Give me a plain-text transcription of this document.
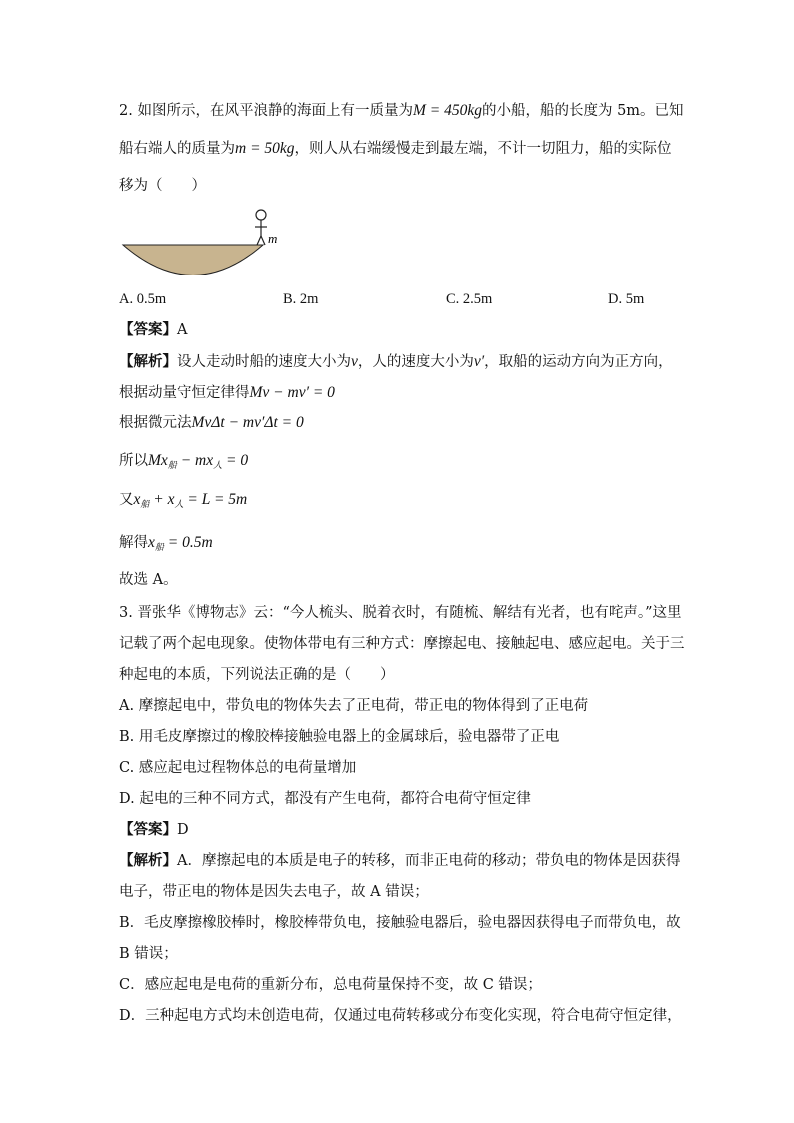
2. 如图所示，在风平浪静的海面上有一质量为M = 450kg的小船，船的长度为 5m。已知
船右端人的质量为m = 50kg，则人从右端缓慢走到最左端，不计一切阻力，船的实际位
移为（　　）
m
A. 0.5m	B. 2m	C. 2.5m	D. 5m
【答案】A
【解析】设人走动时船的速度大小为v，人的速度大小为v′，取船的运动方向为正方向，
根据动量守恒定律得Mv − mv′ = 0
根据微元法MvΔt − mv′Δt = 0
所以$Mx_船 - mx_人 = 0$
又$x_船 + x_人 = L = 5m$
解得$x_船 = 0.5m$
故选 A。
3. 晋张华《博物志》云：“今人梳头、脱着衣时，有随梳、解结有光者，也有咤声。”这里
记载了两个起电现象。使物体带电有三种方式：摩擦起电、接触起电、感应起电。关于三
种起电的本质，下列说法正确的是（　　）
A. 摩擦起电中，带负电的物体失去了正电荷，带正电的物体得到了正电荷
B. 用毛皮摩擦过的橡胶棒接触验电器上的金属球后，验电器带了正电
C. 感应起电过程物体总的电荷量增加
D. 起电的三种不同方式，都没有产生电荷，都符合电荷守恒定律
【答案】D
【解析】A．摩擦起电的本质是电子的转移，而非正电荷的移动；带负电的物体是因获得
电子，带正电的物体是因失去电子，故 A 错误；
B．毛皮摩擦橡胶棒时，橡胶棒带负电，接触验电器后，验电器因获得电子而带负电，故
B 错误；
C．感应起电是电荷的重新分布，总电荷量保持不变，故 C 错误；
D．三种起电方式均未创造电荷，仅通过电荷转移或分布变化实现，符合电荷守恒定律，
